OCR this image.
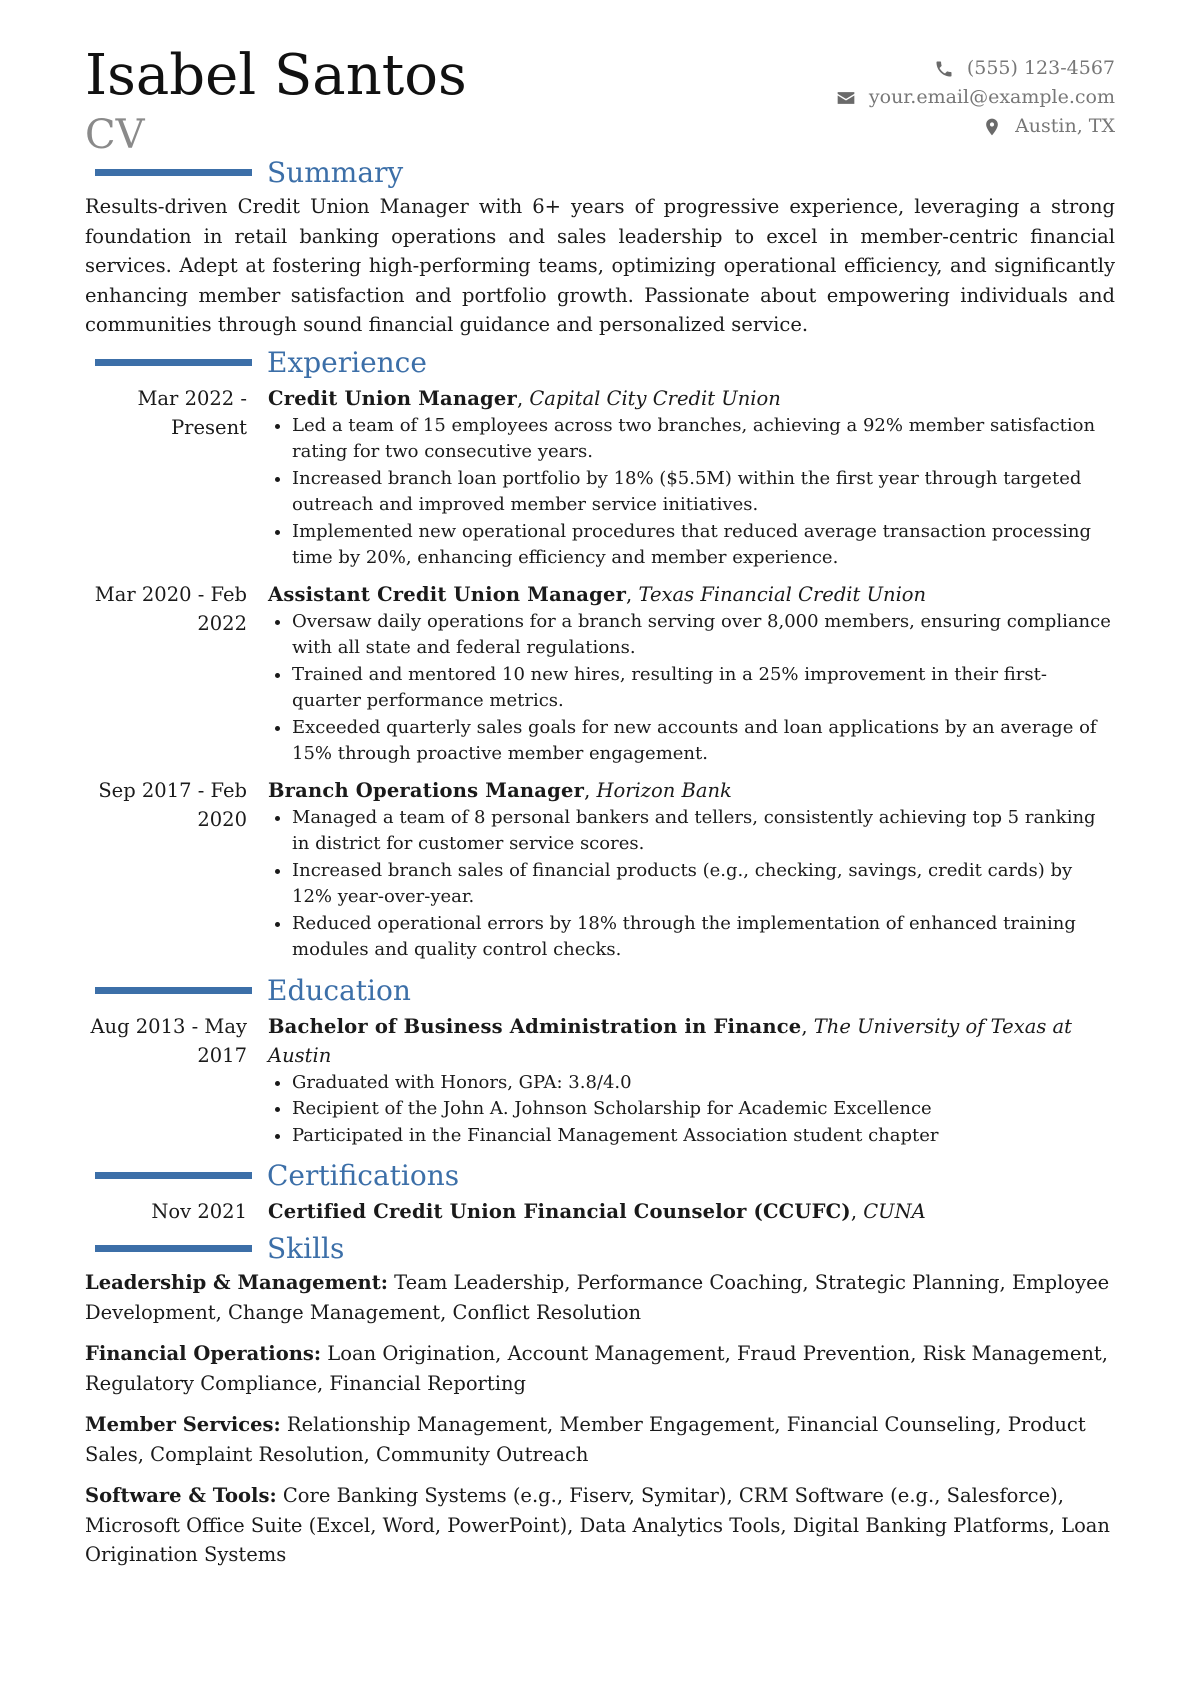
Isabel Santos
CV
(555) 123-4567
your.email@example.com
Austin, TX
Summary

Results-driven Credit Union Manager with 6+ years of progressive experience, leveraging a strong foundation in retail banking operations and sales leadership to excel in member-centric financial services. Adept at fostering high-performing teams, optimizing operational efficiency, and significantly enhancing member satisfaction and portfolio growth. Passionate about empowering individuals and communities through sound financial guidance and personalized service.

Experience
Mar 2022 - Present
Credit Union Manager, Capital City Credit Union
• Led a team of 15 employees across two branches, achieving a 92% member satisfaction rating for two consecutive years.
• Increased branch loan portfolio by 18% ($5.5M) within the first year through targeted outreach and improved member service initiatives.
• Implemented new operational procedures that reduced average transaction processing time by 20%, enhancing efficiency and member experience.
Mar 2020 - Feb 2022
Assistant Credit Union Manager, Texas Financial Credit Union
• Oversaw daily operations for a branch serving over 8,000 members, ensuring compliance with all state and federal regulations.
• Trained and mentored 10 new hires, resulting in a 25% improvement in their first-quarter performance metrics.
• Exceeded quarterly sales goals for new accounts and loan applications by an average of 15% through proactive member engagement.
Sep 2017 - Feb 2020
Branch Operations Manager, Horizon Bank
• Managed a team of 8 personal bankers and tellers, consistently achieving top 5 ranking in district for customer service scores.
• Increased branch sales of financial products (e.g., checking, savings, credit cards) by 12% year-over-year.
• Reduced operational errors by 18% through the implementation of enhanced training modules and quality control checks.
Education
Aug 2013 - May 2017
Bachelor of Business Administration in Finance, The University of Texas at Austin
• Graduated with Honors, GPA: 3.8/4.0
• Recipient of the John A. Johnson Scholarship for Academic Excellence
• Participated in the Financial Management Association student chapter
Certifications
Nov 2021	Certified Credit Union Financial Counselor (CCUFC), CUNA
Skills

Leadership & Management: Team Leadership, Performance Coaching, Strategic Planning, Employee Development, Change Management, Conflict Resolution

Financial Operations: Loan Origination, Account Management, Fraud Prevention, Risk Management, Regulatory Compliance, Financial Reporting

Member Services: Relationship Management, Member Engagement, Financial Counseling, Product Sales, Complaint Resolution, Community Outreach

Software & Tools: Core Banking Systems (e.g., Fiserv, Symitar), CRM Software (e.g., Salesforce), Microsoft Office Suite (Excel, Word, PowerPoint), Data Analytics Tools, Digital Banking Platforms, Loan Origination Systems
